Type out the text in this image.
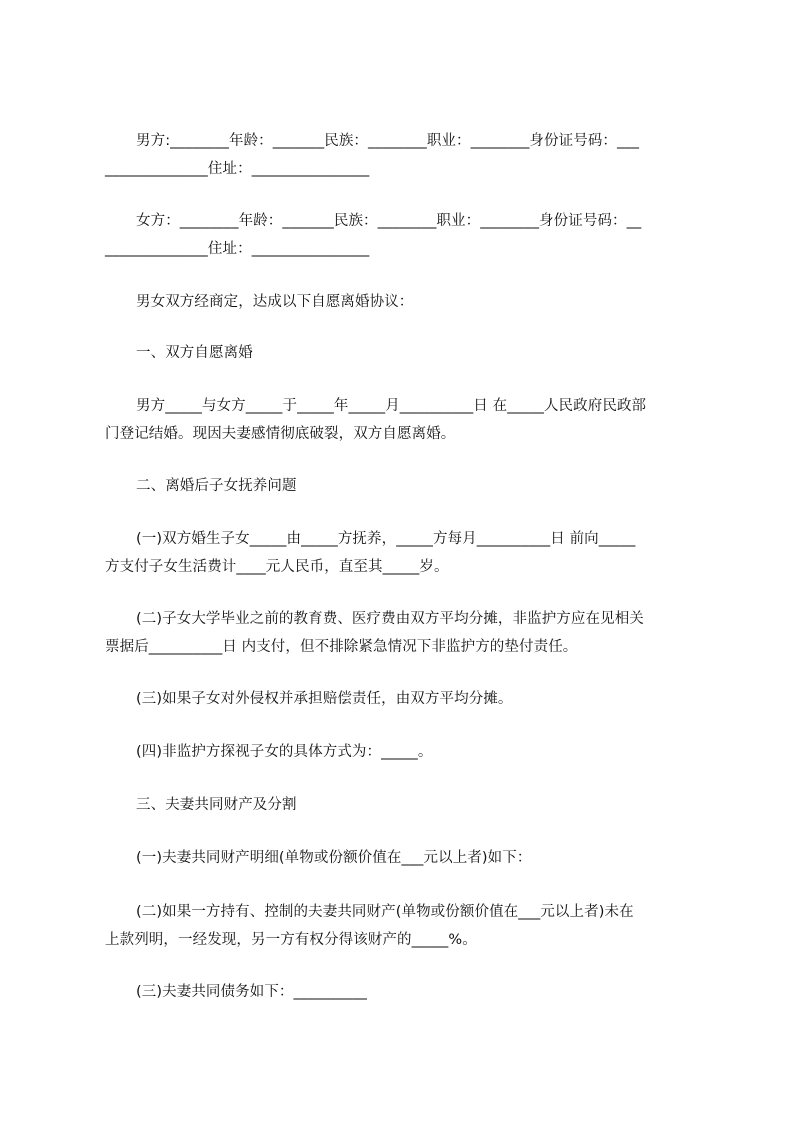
男方:________年龄：_______民族：________职业：________身份证号码：___
______________住址：________________
女方：________年龄：_______民族：________职业：________身份证号码：__
______________住址：________________
男女双方经商定，达成以下自愿离婚协议：
一、双方自愿离婚
男方_____与女方_____于_____年_____月__________日 在_____人民政府民政部
门登记结婚。现因夫妻感情彻底破裂，双方自愿离婚。
二、离婚后子女抚养问题
(一)双方婚生子女_____由_____方抚养，_____方每月__________日 前向_____
方支付子女生活费计____元人民币，直至其_____岁。
(二)子女大学毕业之前的教育费、医疗费由双方平均分摊，非监护方应在见相关
票据后__________日 内支付，但不排除紧急情况下非监护方的垫付责任。
(三)如果子女对外侵权并承担赔偿责任，由双方平均分摊。
(四)非监护方探视子女的具体方式为：_____。
三、夫妻共同财产及分割
(一)夫妻共同财产明细(单物或份额价值在___元以上者)如下：
(二)如果一方持有、控制的夫妻共同财产(单物或份额价值在___元以上者)未在
上款列明，一经发现，另一方有权分得该财产的_____%。
(三)夫妻共同债务如下：__________
